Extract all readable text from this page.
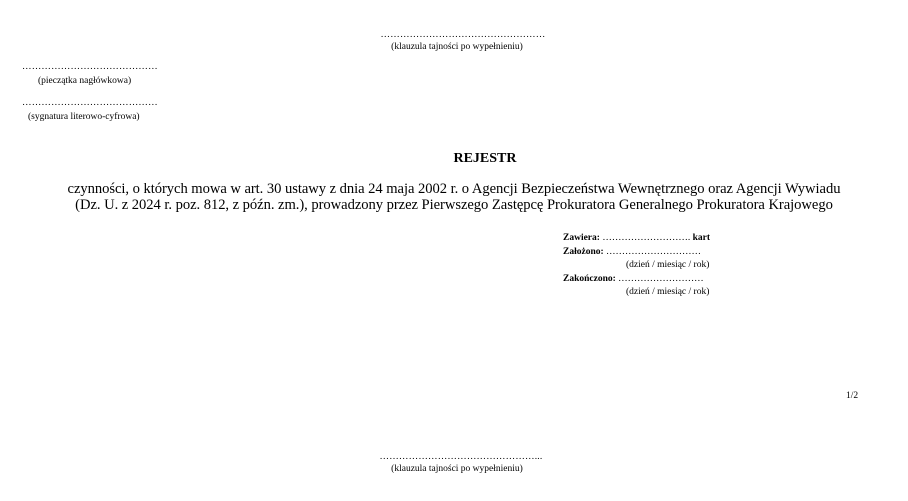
……………………………………………
(klauzula tajności po wypełnieniu)
……………………………………
(pieczątka nagłówkowa)
……………………………………
(sygnatura literowo-cyfrowa)
REJESTR
czynności, o których mowa w art. 30 ustawy z dnia 24 maja 2002 r. o Agencji Bezpieczeństwa Wewnętrznego oraz Agencji Wywiadu
(Dz. U. z 2024 r. poz. 812, z późn. zm.), prowadzony przez Pierwszego Zastępcę Prokuratora Generalnego Prokuratora Krajowego
Zawiera: ………………………. kart
Założono: …………………………
(dzień / miesiąc / rok)
Zakończono: ………………………
(dzień / miesiąc / rok)
1/2
…………………………………………...
(klauzula tajności po wypełnieniu)
